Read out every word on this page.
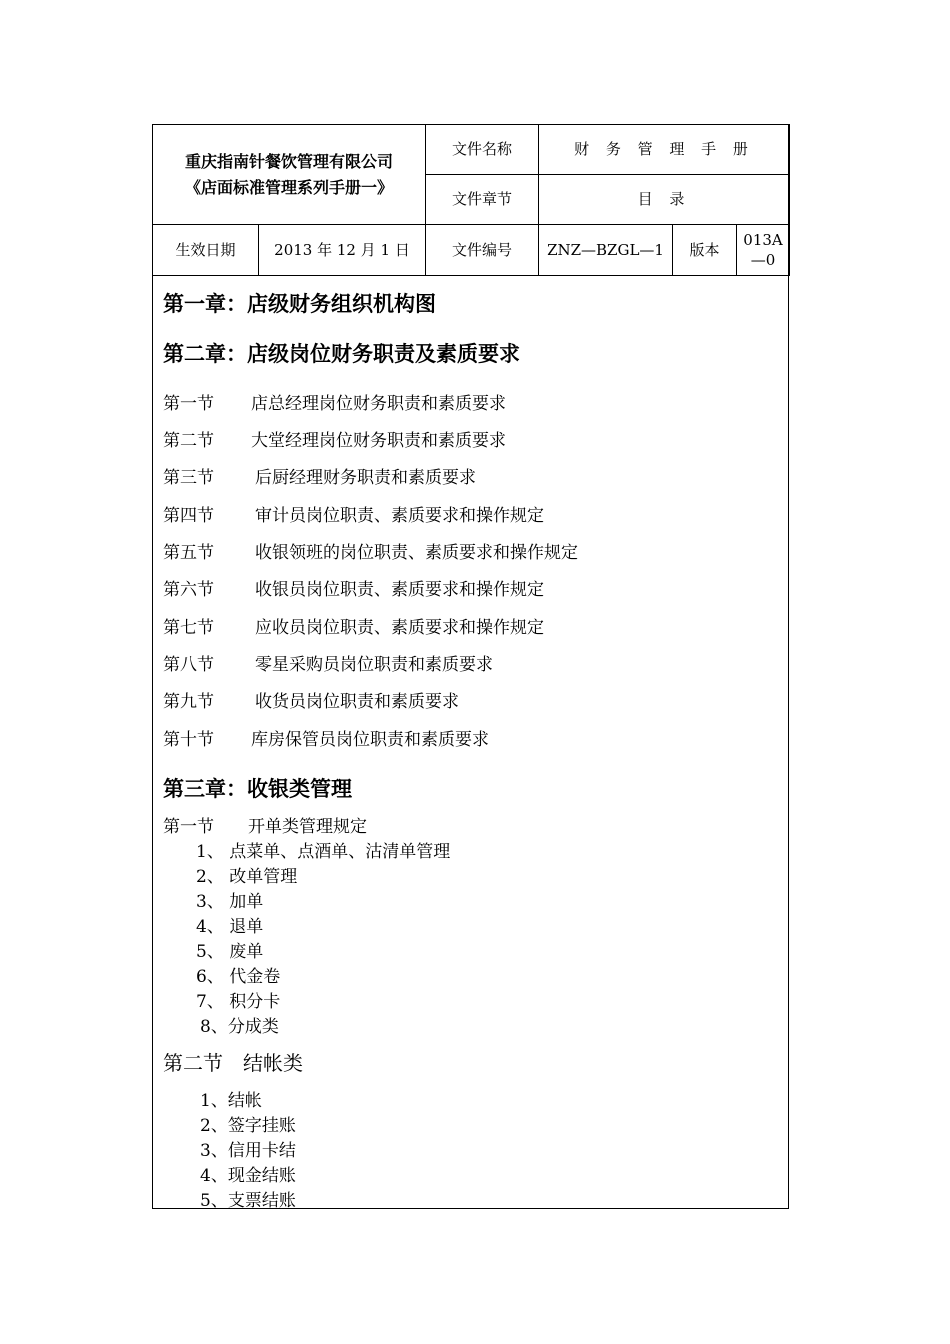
重庆指南针餐饮管理有限公司
《店面标准管理系列手册一》		文件名称	财 务 管 理 手 册		
		文件章节	目 录		
生效日期	2013 年 12 月 1 日	文件编号	ZNZ—BZGL—1	版本	013A
—0
第一章：店级财务组织机构图
第二章：店级岗位财务职责及素质要求
第一节 店总经理岗位财务职责和素质要求
第二节 大堂经理岗位财务职责和素质要求
第三节 后厨经理财务职责和素质要求
第四节 审计员岗位职责、素质要求和操作规定
第五节 收银领班的岗位职责、素质要求和操作规定
第六节 收银员岗位职责、素质要求和操作规定
第七节 应收员岗位职责、素质要求和操作规定
第八节 零星采购员岗位职责和素质要求
第九节 收货员岗位职责和素质要求
第十节 库房保管员岗位职责和素质要求
第三章：收银类管理
第一节　　开单类管理规定
1、 点菜单、点酒单、沽清单管理
2、 改单管理
3、 加单
4、 退单
5、 废单
6、 代金卷
7、 积分卡
8、分成类
第二节　结帐类
1、结帐
2、签字挂账
3、信用卡结
4、现金结账
5、支票结账
